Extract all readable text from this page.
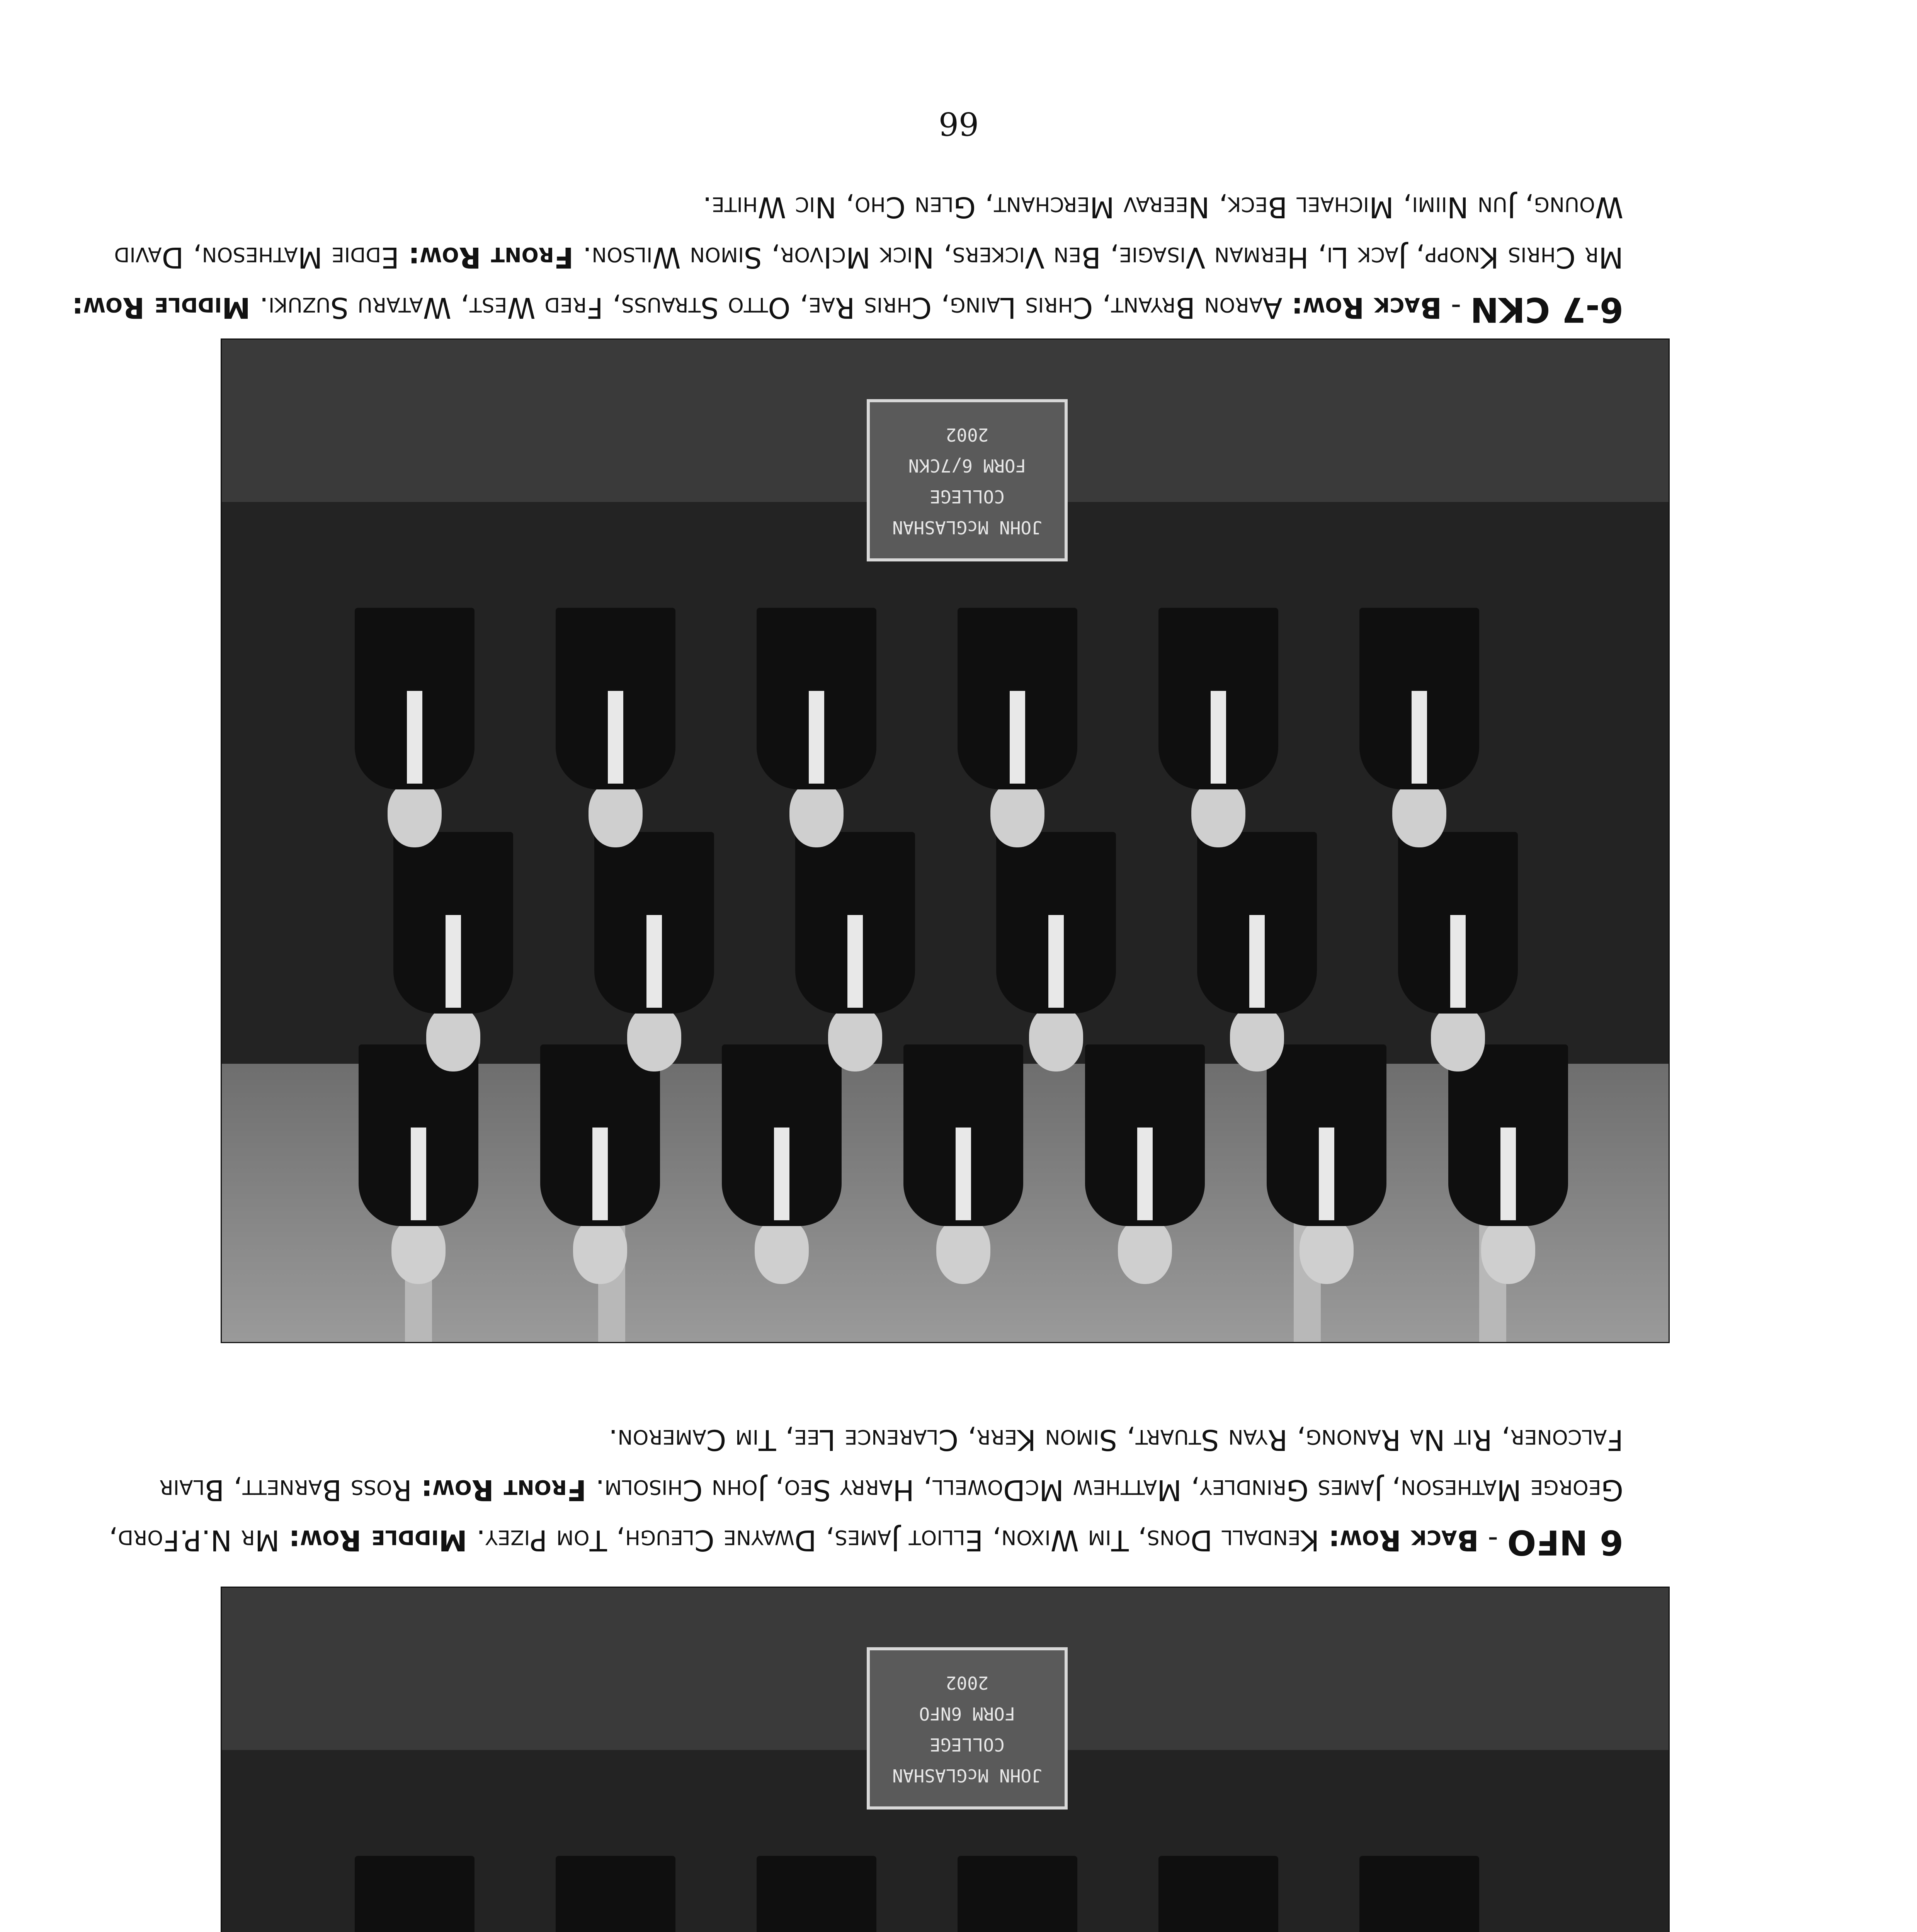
66
6-7 CKN - Back Row: Aaron Bryant, Chris Laing, Chris Rae, Otto Strauss, Fred West, Wataru Suzuki. Middle Row: Mr Chris Knopp, Jack Li, Herman Visagie, Ben Vickers, Nick McIvor, Simon Wilson. Front Row: Eddie Matheson, David Woung, Jun Niimi, Michael Beck, Neerav Merchant, Glen Cho, Nic White.
JOHN McGLASHAN
COLLEGE
FORM 6/7CKN
2002
6 NFO - Back Row: Kendall Dons, Tim Wixon, Elliot James, Dwayne Cleugh, Tom Pizey. Middle Row: Mr N.P.Ford, George Matheson, James Grindley, Matthew McDowell, Harry Seo, John Chisolm. Front Row: Ross Barnett, Blair Falconer, Rit Na Ranong, Ryan Stuart, Simon Kerr, Clarence Lee, Tim Cameron.
JOHN McGLASHAN
COLLEGE
FORM 6NFO
2002
